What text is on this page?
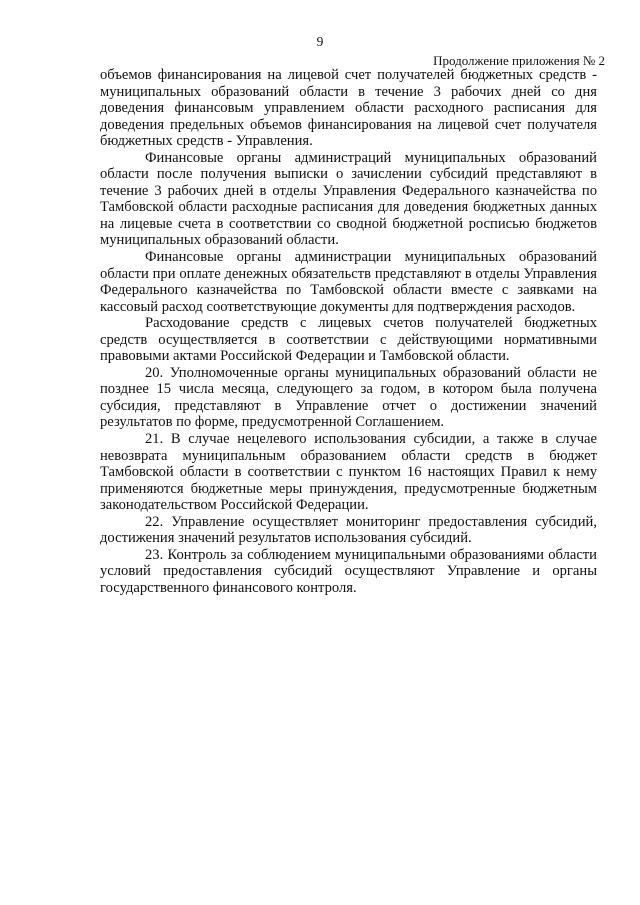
9
Продолжение приложения № 2

объемов финансирования на лицевой счет получателей бюджетных средств - муниципальных образований области в течение 3 рабочих дней со дня доведения финансовым управлением области расходного расписания для доведения предельных объемов финансирования на лицевой счет получателя бюджетных средств - Управления.

Финансовые органы администраций муниципальных образований области после получения выписки о зачислении субсидий представляют в течение 3 рабочих дней в отделы Управления Федерального казначейства по Тамбовской области расходные расписания для доведения бюджетных данных на лицевые счета в соответствии со сводной бюджетной росписью бюджетов муниципальных образований области.

Финансовые органы администрации муниципальных образований области при оплате денежных обязательств представляют в отделы Управления Федерального казначейства по Тамбовской области вместе с заявками на кассовый расход соответствующие документы для подтверждения расходов.

Расходование средств с лицевых счетов получателей бюджетных средств осуществляется в соответствии с действующими нормативными правовыми актами Российской Федерации и Тамбовской области.

20. Уполномоченные органы муниципальных образований области не позднее 15 числа месяца, следующего за годом, в котором была получена субсидия, представляют в Управление отчет о достижении значений результатов по форме, предусмотренной Соглашением.

21. В случае нецелевого использования субсидии, а также в случае невозврата муниципальным образованием области средств в бюджет Тамбовской области в соответствии с пунктом 16 настоящих Правил к нему применяются бюджетные меры принуждения, предусмотренные бюджетным законодательством Российской Федерации.

22. Управление осуществляет мониторинг предоставления субсидий, достижения значений результатов использования субсидий.

23. Контроль за соблюдением муниципальными образованиями области условий предоставления субсидий осуществляют Управление и органы государственного финансового контроля.
